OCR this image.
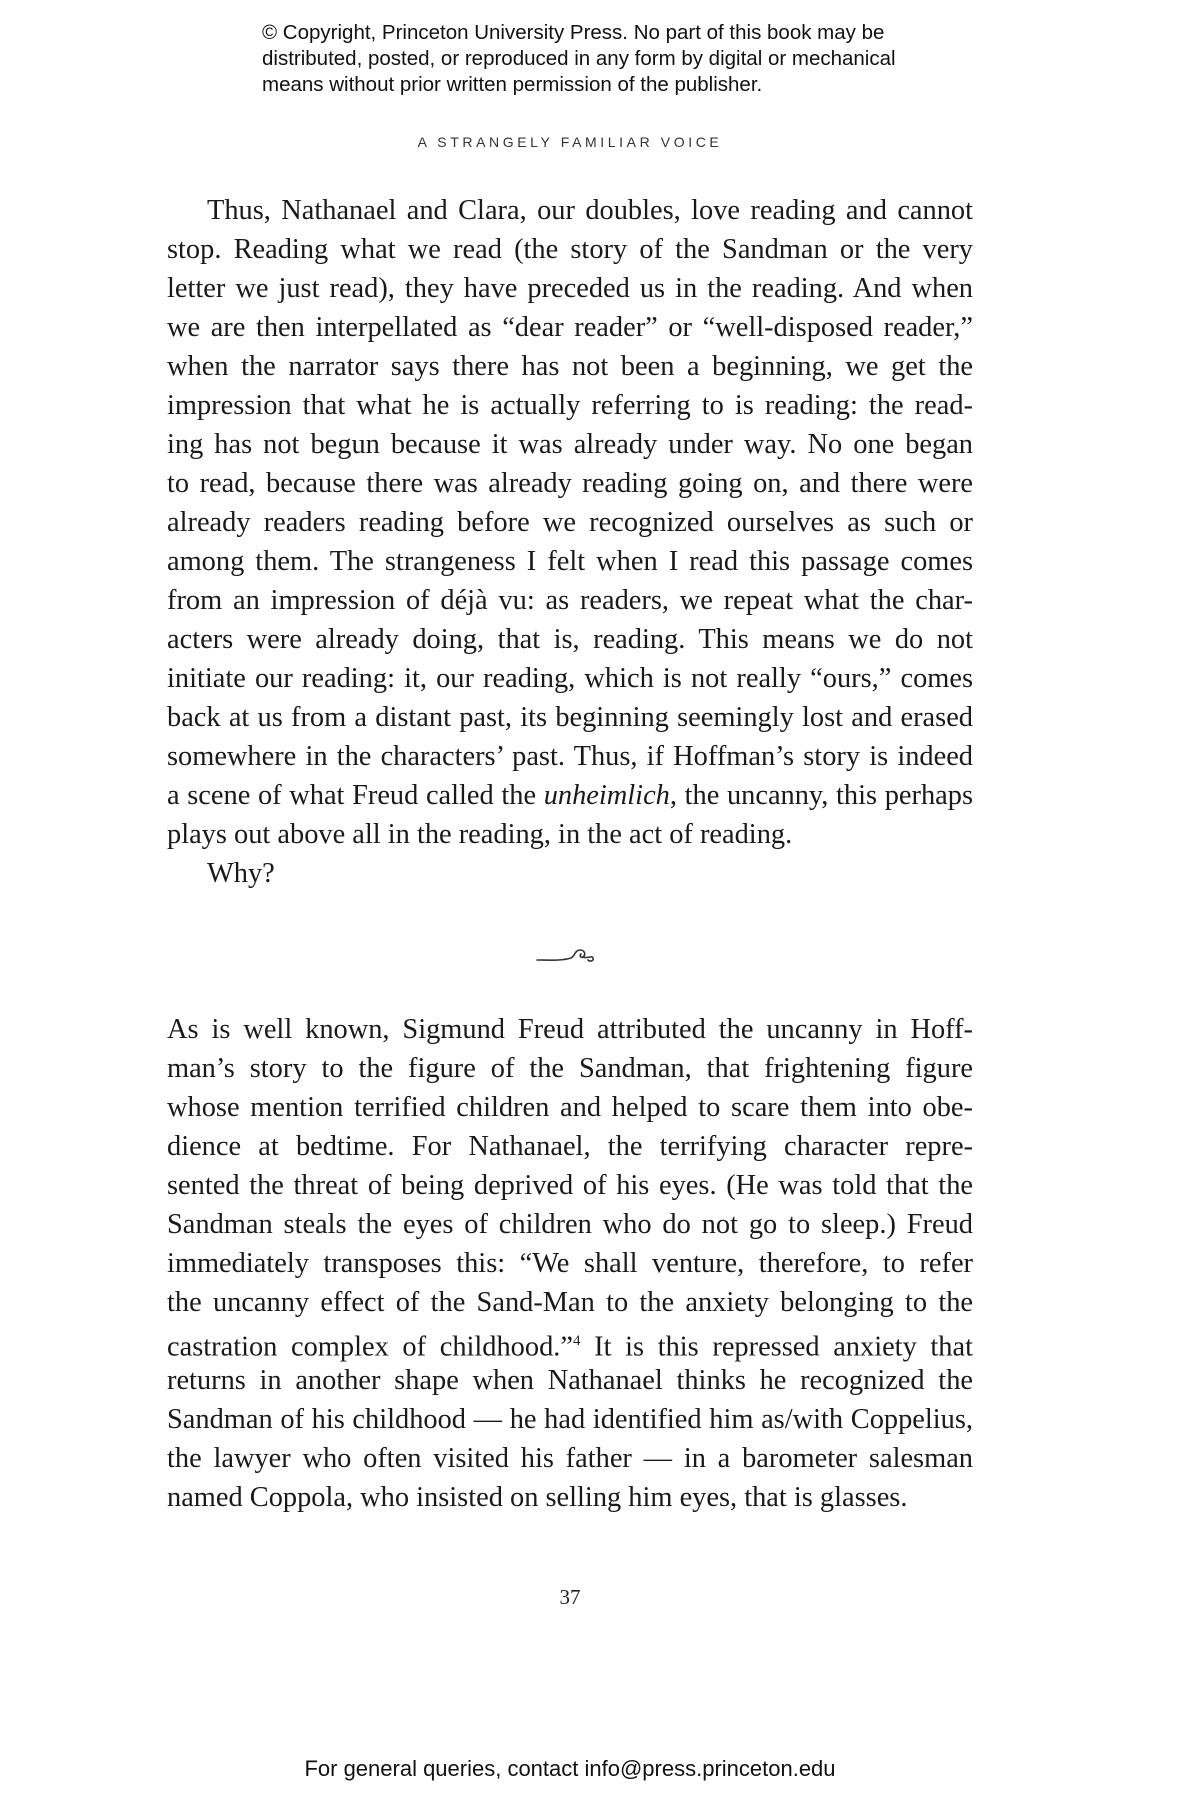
© Copyright, Princeton University Press. No part of this book may be
distributed, posted, or reproduced in any form by digital or mechanical
means without prior written permission of the publisher.
A STRANGELY FAMILIAR VOICE
Thus, Nathanael and Clara, our doubles, love reading and cannot
stop. Reading what we read (the story of the Sandman or the very
letter we just read), they have preceded us in the reading. And when
we are then interpellated as “dear reader” or “well-disposed reader,”
when the narrator says there has not been a beginning, we get the
impression that what he is actually referring to is reading: the read-
ing has not begun because it was already under way. No one began
to read, because there was already reading going on, and there were
already readers reading before we recognized ourselves as such or
among them. The strangeness I felt when I read this passage comes
from an impression of déjà vu: as readers, we repeat what the char-
acters were already doing, that is, reading. This means we do not
initiate our reading: it, our reading, which is not really “ours,” comes
back at us from a distant past, its beginning seemingly lost and erased
somewhere in the characters’ past. Thus, if Hoffman’s story is indeed
a scene of what Freud called the unheimlich, the uncanny, this perhaps
plays out above all in the reading, in the act of reading.
Why?
As is well known, Sigmund Freud attributed the uncanny in Hoff-
man’s story to the figure of the Sandman, that frightening figure
whose mention terrified children and helped to scare them into obe-
dience at bedtime. For Nathanael, the terrifying character repre-
sented the threat of being deprived of his eyes. (He was told that the
Sandman steals the eyes of children who do not go to sleep.) Freud
immediately transposes this: “We shall venture, therefore, to refer
the uncanny effect of the Sand-Man to the anxiety belonging to the
castration complex of childhood.”$^4$ It is this repressed anxiety that
returns in another shape when Nathanael thinks he recognized the
Sandman of his childhood — he had identified him as/with Coppelius,
the lawyer who often visited his father — in a barometer salesman
named Coppola, who insisted on selling him eyes, that is glasses.
37
For general queries, contact info@press.princeton.edu
